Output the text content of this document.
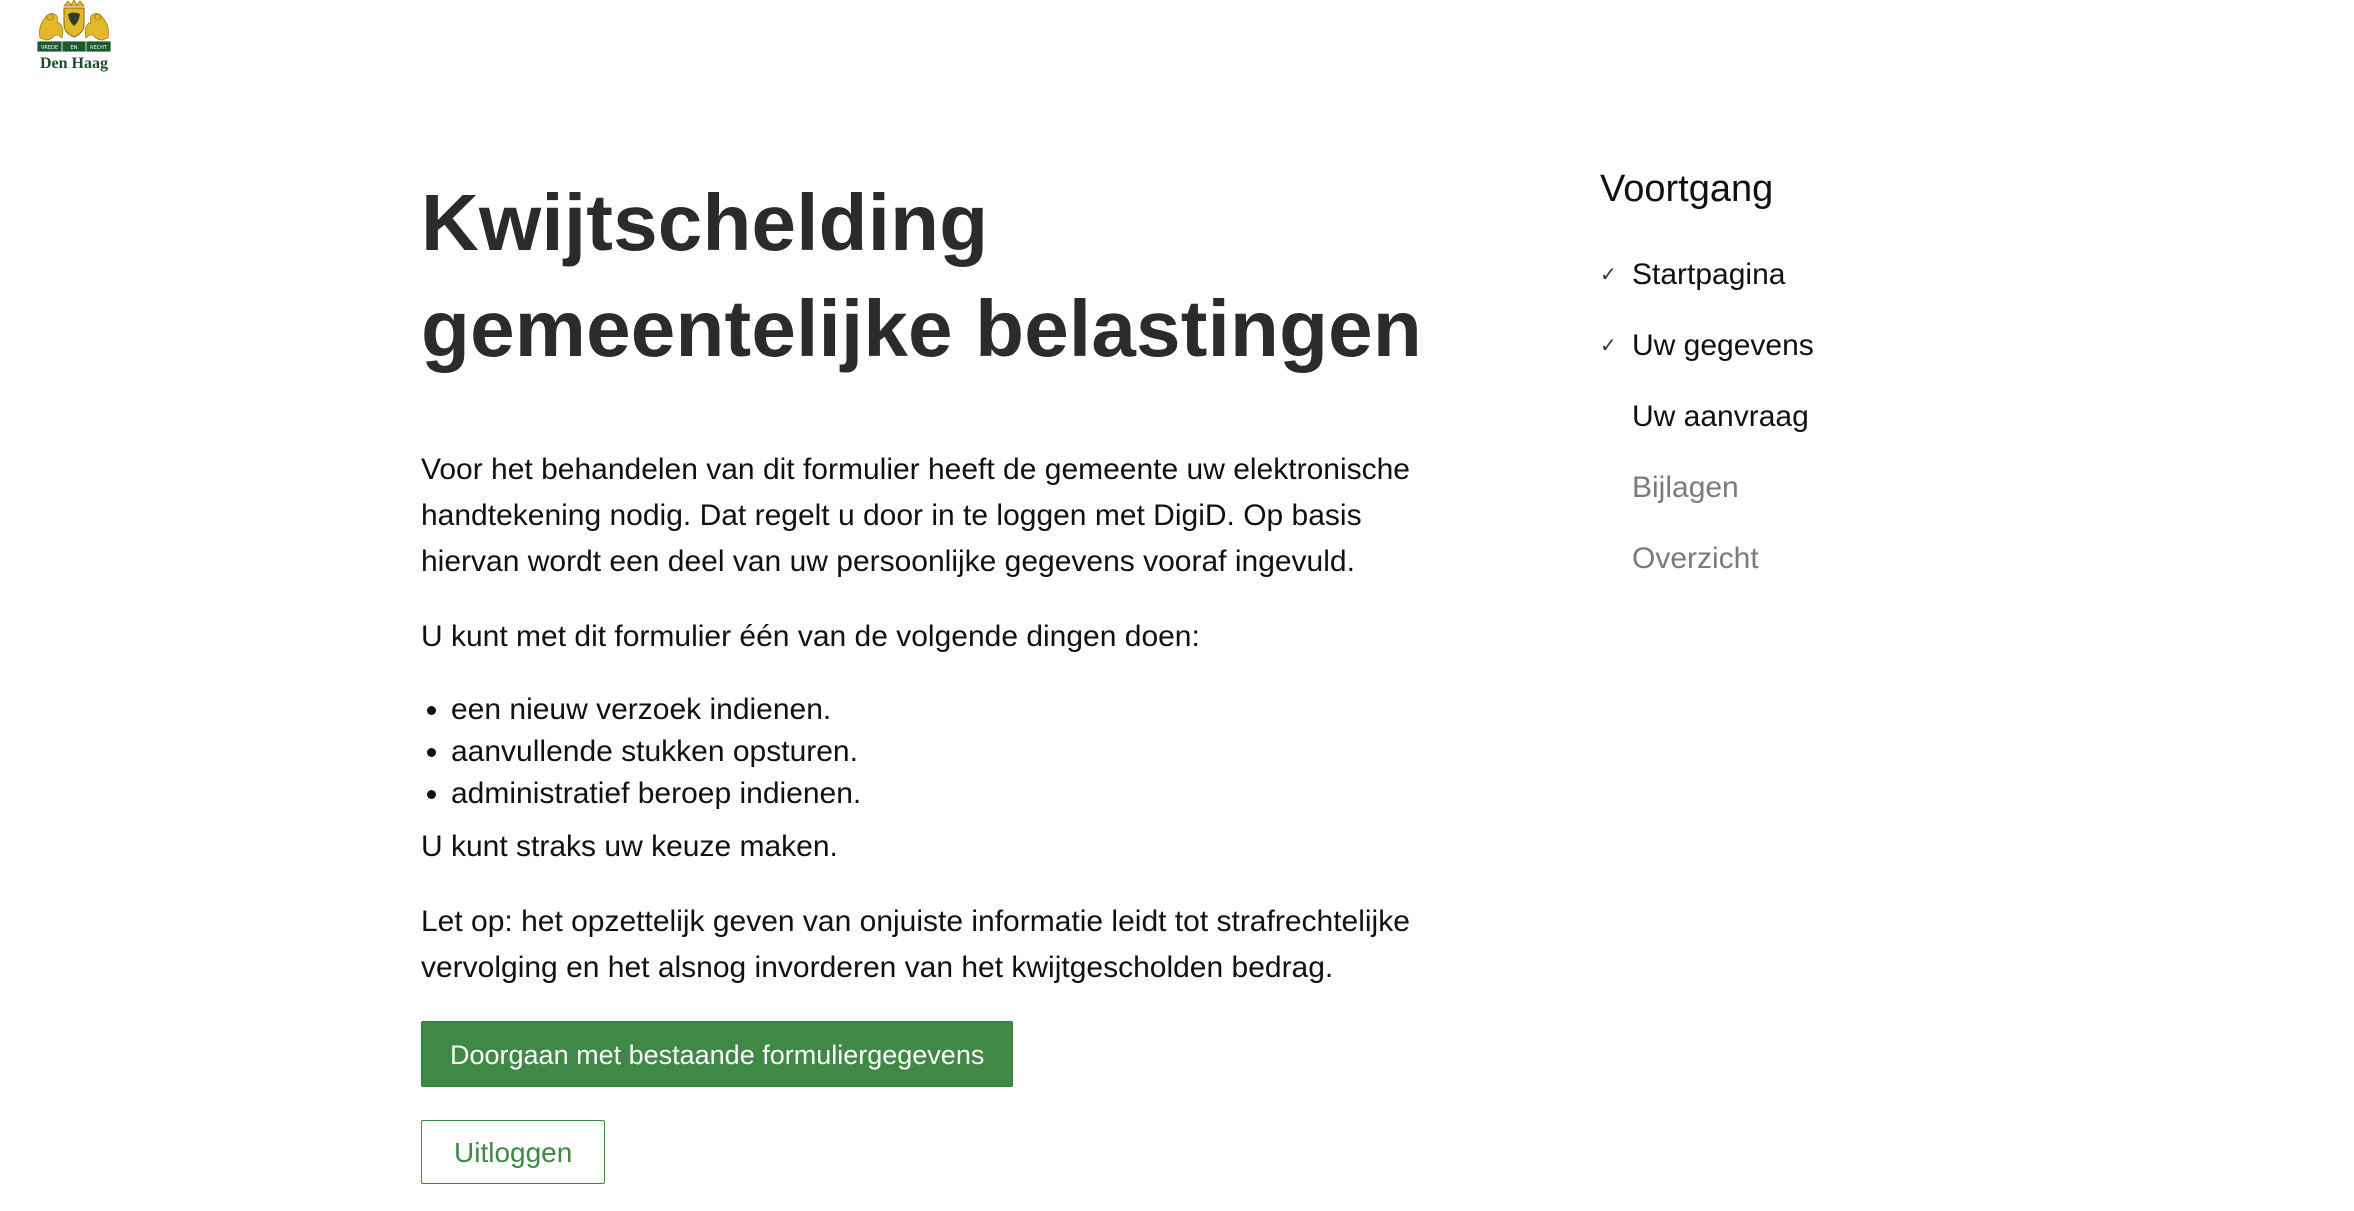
VREDE	EN	RECHT
Den Haag
Kwijtschelding gemeentelijke belastingen

Voor het behandelen van dit formulier heeft de gemeente uw elektronische handtekening nodig. Dat regelt u door in te loggen met DigiD. Op basis hiervan wordt een deel van uw persoonlijke gegevens vooraf ingevuld.

U kunt met dit formulier één van de volgende dingen doen:

• een nieuw verzoek indienen.
• aanvullende stukken opsturen.
• administratief beroep indienen.

U kunt straks uw keuze maken.

Let op: het opzettelijk geven van onjuiste informatie leidt tot strafrechtelijke vervolging en het alsnog invorderen van het kwijtgescholden bedrag.

Doorgaan met bestaande formuliergegevens
Uitloggen
Voortgang
✓ Startpagina
✓ Uw gegevens
Uw aanvraag
Bijlagen
Overzicht
